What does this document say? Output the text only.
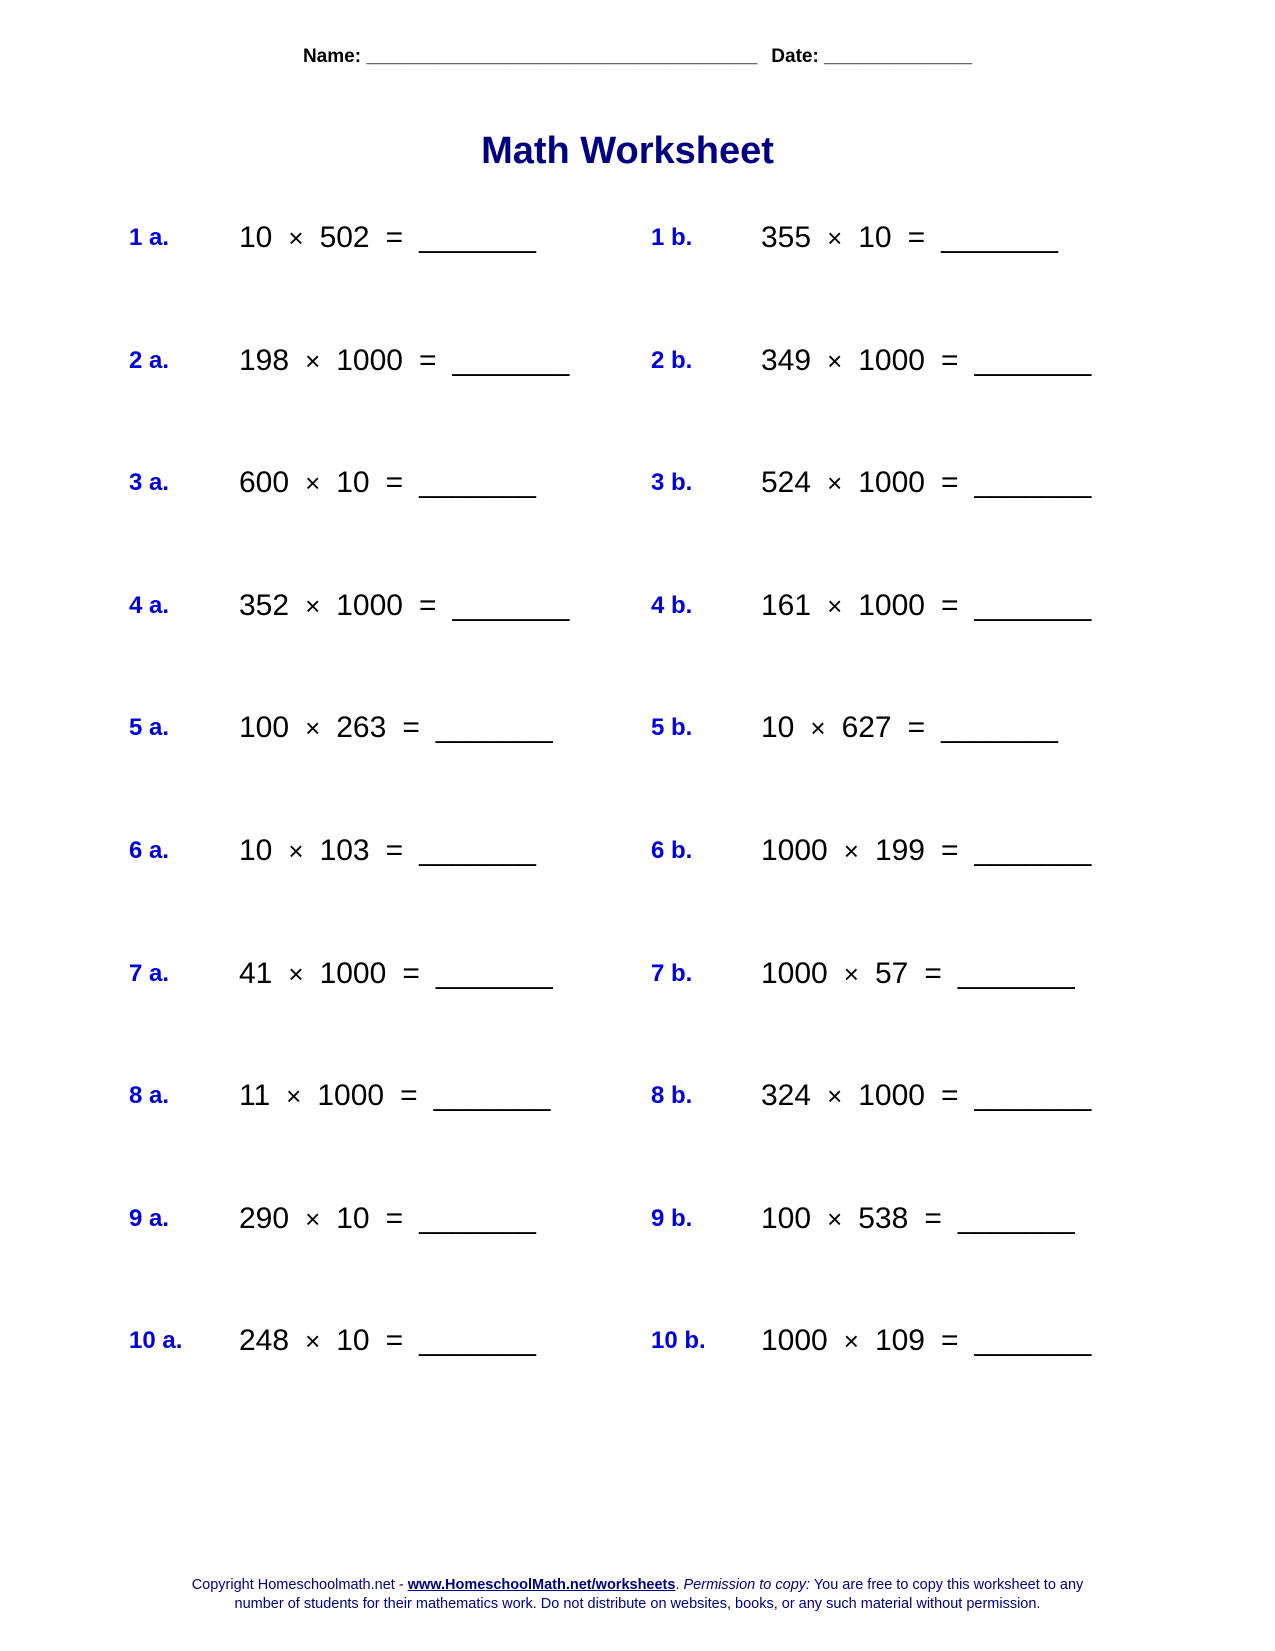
Name: _____________________________________ Date: ______________
Math Worksheet
1 a. 10 × 502 = _______	1 b. 355 × 10 = _______
2 a. 198 × 1000 = _______	2 b. 349 × 1000 = _______
3 a. 600 × 10 = _______	3 b. 524 × 1000 = _______
4 a. 352 × 1000 = _______	4 b. 161 × 1000 = _______
5 a. 100 × 263 = _______	5 b. 10 × 627 = _______
6 a. 10 × 103 = _______	6 b. 1000 × 199 = _______
7 a. 41 × 1000 = _______	7 b. 1000 × 57 = _______
8 a. 11 × 1000 = _______	8 b. 324 × 1000 = _______
9 a. 290 × 10 = _______	9 b. 100 × 538 = _______
10 a. 248 × 10 = _______	10 b. 1000 × 109 = _______
Copyright Homeschoolmath.net - www.HomeschoolMath.net/worksheets. Permission to copy: You are free to copy this worksheet to any
number of students for their mathematics work. Do not distribute on websites, books, or any such material without permission.
